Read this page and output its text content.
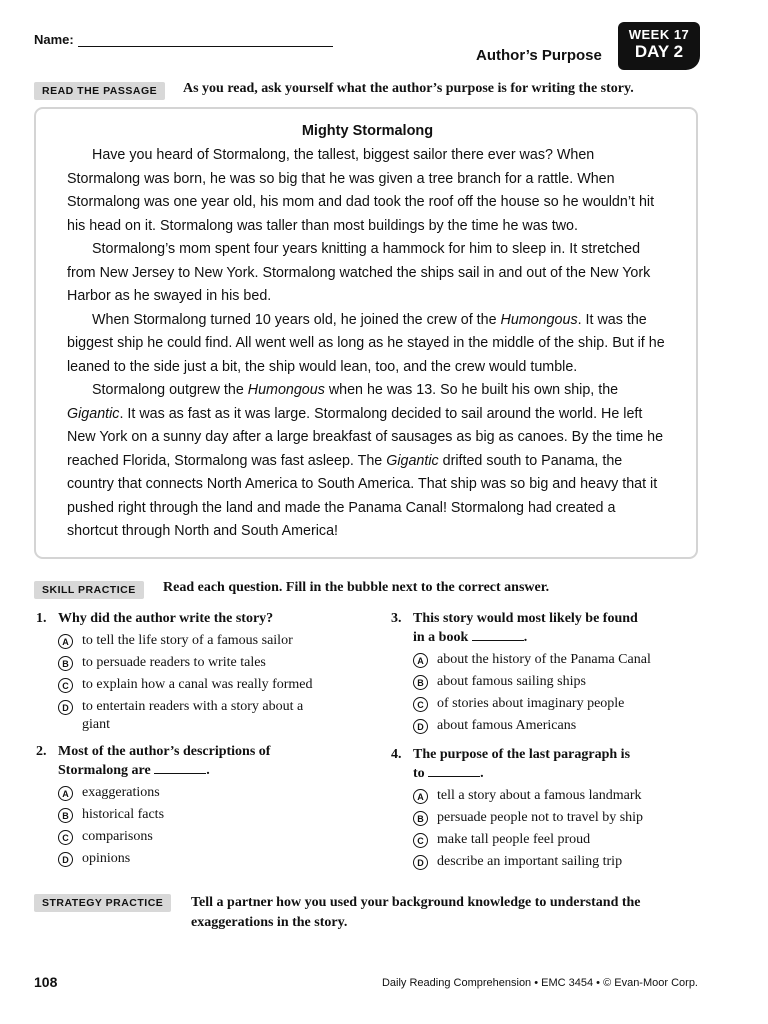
Name:
Author’s Purpose
WEEK 17
DAY 2
READ THE PASSAGE	As you read, ask yourself what the author’s purpose is for writing the story.
Mighty Stormalong

Have you heard of Stormalong, the tallest, biggest sailor there ever was? When Stormalong was born, he was so big that he was given a tree branch for a rattle. When Stormalong was one year old, his mom and dad took the roof off the house so he wouldn’t hit his head on it. Stormalong was taller than most buildings by the time he was two.

Stormalong’s mom spent four years knitting a hammock for him to sleep in. It stretched from New Jersey to New York. Stormalong watched the ships sail in and out of the New York Harbor as he swayed in his bed.

When Stormalong turned 10 years old, he joined the crew of the Humongous. It was the biggest ship he could find. All went well as long as he stayed in the middle of the ship. But if he leaned to the side just a bit, the ship would lean, too, and the crew would tumble.

Stormalong outgrew the Humongous when he was 13. So he built his own ship, the Gigantic. It was as fast as it was large. Stormalong decided to sail around the world. He left New York on a sunny day after a large breakfast of sausages as big as canoes. By the time he reached Florida, Stormalong was fast asleep. The Gigantic drifted south to Panama, the country that connects North America to South America. That ship was so big and heavy that it pushed right through the land and made the Panama Canal! Stormalong had created a shortcut through North and South America!

SKILL PRACTICE	Read each question. Fill in the bubble next to the correct answer.
1. Why did the author write the story?
A to tell the life story of a famous sailor
B to persuade readers to write tales
C to explain how a canal was really formed
D to entertain readers with a story about a giant
2. Most of the author’s descriptions of
Stormalong are	.
A exaggerations
B historical facts
C comparisons
D opinions
3. This story would most likely be found
in a book	.
A about the history of the Panama Canal
B about famous sailing ships
C of stories about imaginary people
D about famous Americans
4. The purpose of the last paragraph is
to	.
A tell a story about a famous landmark
B persuade people not to travel by ship
C make tall people feel proud
D describe an important sailing trip
STRATEGY PRACTICE	Tell a partner how you used your background knowledge to understand the exaggerations in the story.
108	Daily Reading Comprehension • EMC 3454 • © Evan-Moor Corp.
